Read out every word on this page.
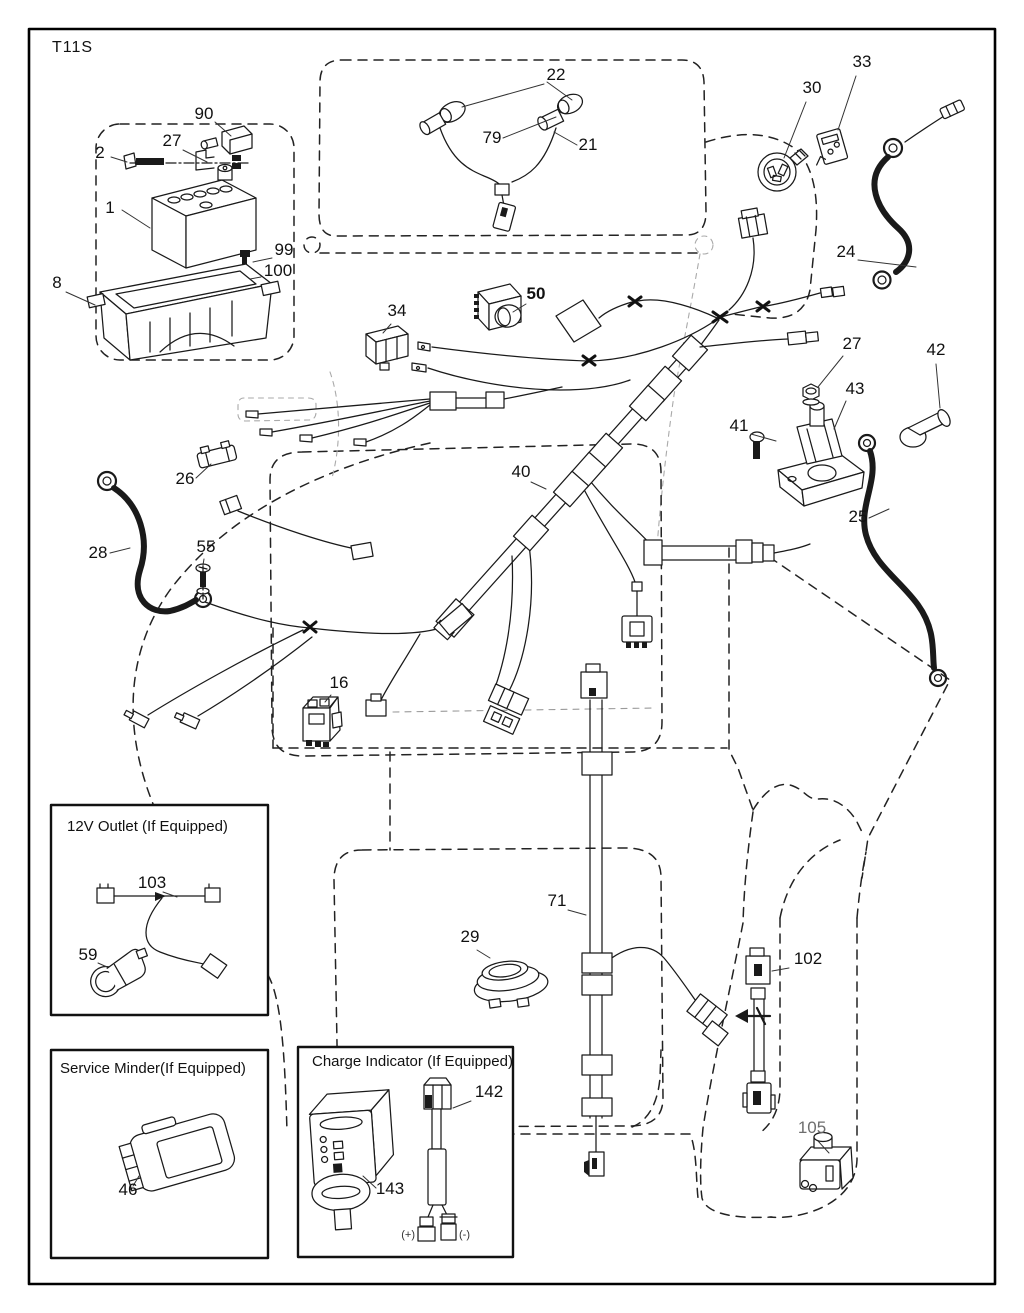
T11S
12V Outlet (If Equipped)
Service Minder(If Equipped)	Charge Indicator (If Equipped)
(+)	(-)
1
2
27
90
99
100
8
22
79	21
30
33
24
34
50
27	42
43
41
25
26	40
28	55
16
29
71
102
105
103
59
46
142
143
